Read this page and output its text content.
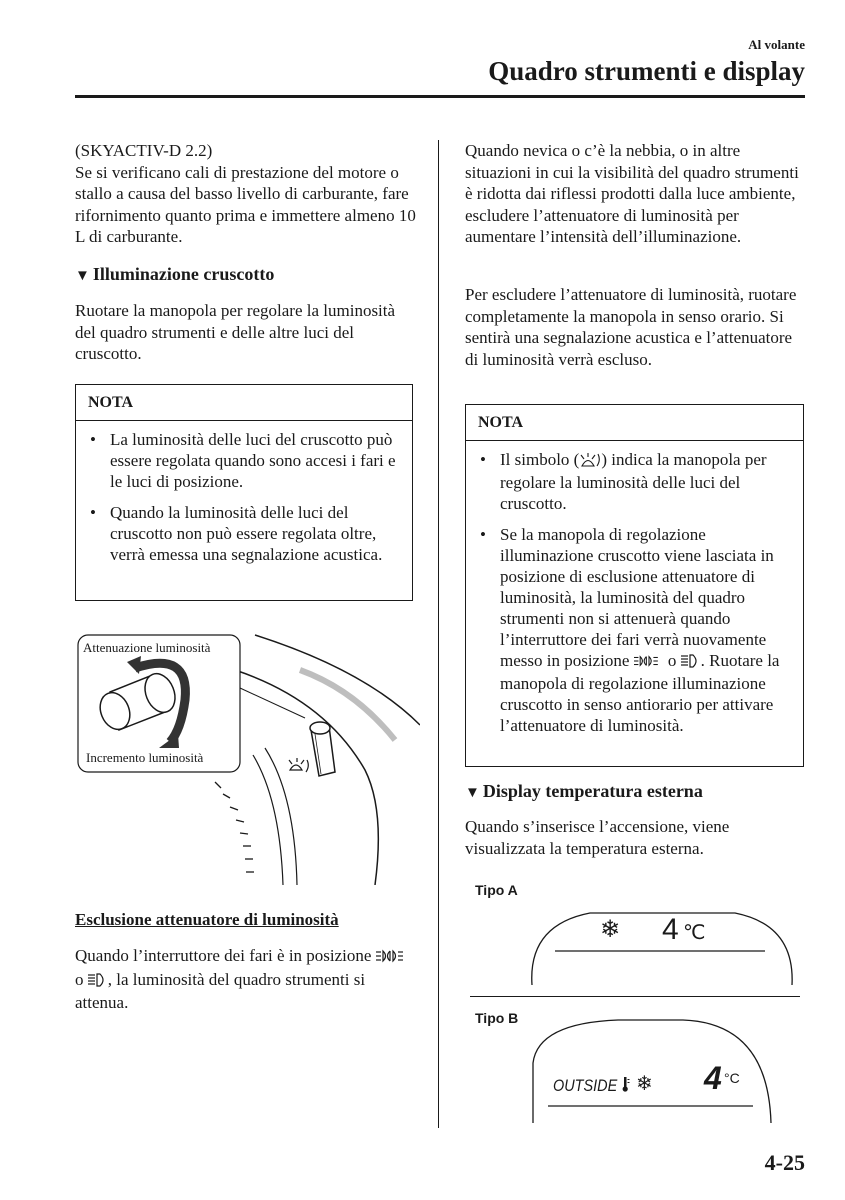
Al volante
Quadro strumenti e display

(SKYACTIV-D 2.2)

Se si verificano cali di prestazione del motore o stallo a causa del basso livello di carburante, fare rifornimento quanto prima e immettere almeno 10 L di carburante.

▼ Illuminazione cruscotto

Ruotare la manopola per regolare la luminosità del quadro strumenti e delle altre luci del cruscotto.

NOTA
• La luminosità delle luci del cruscotto può essere regolata quando sono accesi i fari e le luci di posizione.
• Quando la luminosità delle luci del cruscotto non può essere regolata oltre, verrà emessa una segnalazione acustica.
Attenuazione luminosità
Incremento luminosità
Esclusione attenuatore di luminosità

Quando l’interruttore dei fari è in posizione  o , la luminosità del quadro strumenti si attenua.

Quando nevica o c’è la nebbia, o in altre situazioni in cui la visibilità del quadro strumenti è ridotta dai riflessi prodotti dalla luce ambiente, escludere l’attenuatore di luminosità per aumentare l’intensità dell’illuminazione.

Per escludere l’attenuatore di luminosità, ruotare completamente la manopola in senso orario. Si sentirà una segnalazione acustica e l’attenuatore di luminosità verrà escluso.

NOTA
• Il simbolo ( ) indica la manopola per regolare la luminosità delle luci del cruscotto.
• Se la manopola di regolazione illuminazione cruscotto viene lasciata in posizione di esclusione attenuatore di luminosità, la luminosità del quadro strumenti non si attenuerà quando l’interruttore dei fari verrà nuovamente messo in posizione o . Ruotare la manopola di regolazione illuminazione cruscotto in senso antiorario per attivare l’attenuatore di luminosità.
▼ Display temperatura esterna

Quando s’inserisce l’accensione, viene visualizzata la temperatura esterna.

Tipo A
❄ 4 ℃
Tipo B
OUTSIDE ❄ 4 °C
4-25
